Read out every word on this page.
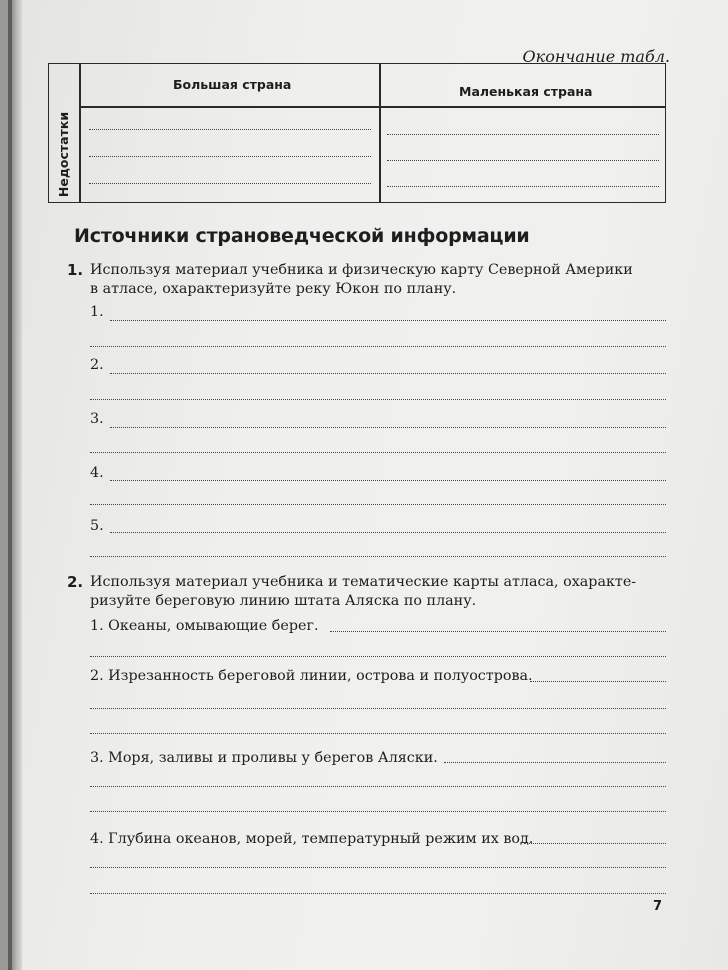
Окончание табл.
Большая страна	Маленькая страна
Недостатки
Источники страноведческой информации
1. Используя материал учебника и физическую карту Северной Америки
в атласе, охарактеризуйте реку Юкон по плану.
1.
2.
3.
4.
5.
2. Используя материал учебника и тематические карты атласа, охаракте-
ризуйте береговую линию штата Аляска по плану.
1. Океаны, омывающие берег.
2. Изрезанность береговой линии, острова и полуострова.
3. Моря, заливы и проливы у берегов Аляски.
4. Глубина океанов, морей, температурный режим их вод.
7
